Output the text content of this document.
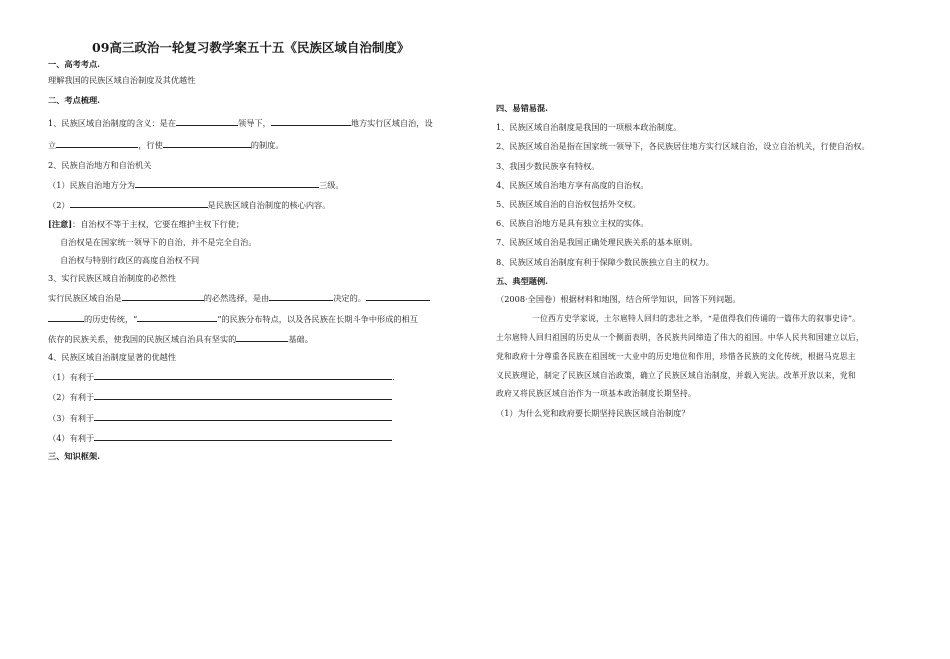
09高三政治一轮复习教学案五十五《民族区域自治制度》
一、高考考点.
理解我国的民族区域自治制度及其优越性
二、考点梳理.
1、民族区域自治制度的含义：是在	领导下，	地方实行区域自治，设
立	，行使	的制度。
2、民族自治地方和自治机关
（1）民族自治地方分为	三级。
（2）	是民族区域自治制度的核心内容。
[注意]：自治权不等于主权，它要在维护主权下行使；
自治权是在国家统一领导下的自治，并不是完全自治。
自治权与特别行政区的高度自治权不同
3、实行民族区域自治制度的必然性
实行民族区域自治是	的必然选择，是由	决定的。
的历史传统，“	”的民族分布特点，以及各民族在长期斗争中形成的相互
依存的民族关系，使我国的民族区域自治具有坚实的	基础。
4、民族区域自治制度显著的优越性
（1）有利于	.
（2）有利于
（3）有利于
（4）有利于
三、知识框架.
四、易错易混.
1、民族区域自治制度是我国的一项根本政治制度。
2、民族区域自治是指在国家统一领导下，各民族居住地方实行区域自治，设立自治机关，行使自治权。
3、我国少数民族享有特权。
4、民族区域自治地方享有高度的自治权。
5、民族区域自治的自治权包括外交权。
6、民族自治地方是具有独立主权的实体。
7、民族区域自治是我国正确处理民族关系的基本原则。
8、民族区域自治制度有利于保障少数民族独立自主的权力。
五、典型题例.
（2008·全国卷）根据材料和地图，结合所学知识，回答下列问题。
一位西方史学家说，土尔扈特人回归的悲壮之举，“是值得我们传诵的一篇伟大的叙事史诗”。
土尔扈特人回归祖国的历史从一个侧面表明，各民族共同缔造了伟大的祖国。中华人民共和国建立以后，
党和政府十分尊重各民族在祖国统一大业中的历史地位和作用，珍惜各民族的文化传统，根据马克思主
义民族理论，制定了民族区域自治政策，确立了民族区域自治制度，并载入宪法。改革开放以来，党和
政府又将民族区域自治作为一项基本政治制度长期坚持。
（1）为什么党和政府要长期坚持民族区域自治制度？
